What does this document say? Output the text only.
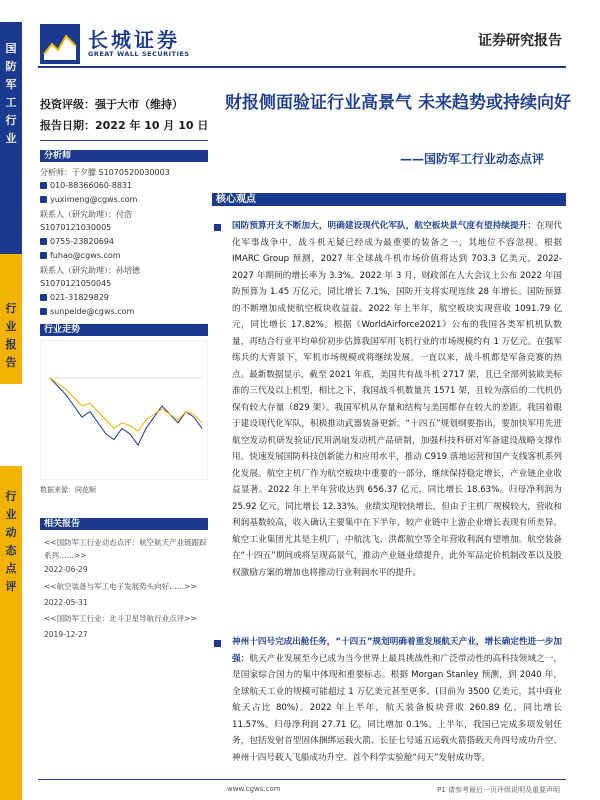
国防军工行业
行业报告
行业动态点评
长城证券
GREAT WALL SECURITIES
证券研究报告
投资评级：强于大市（维持）
报告日期：2022 年 10 月 10 日
分析师
分析师：于夕朦 S1070520030003
010-88366060-8831
yuximeng@cgws.com
联系人（研究助理）：付浩
S1070121030005
0755-23820694
fuhao@cgws.com
联系人（研究助理）：孙培德
S1070121050045
021-31829829
sunpeide@cgws.com
行业走势
数据来源：同花顺
相关报告
<<国防军工行业动态点评：航空航天产业链跟踪系列……>>
2022-06-29
<<航空装备与军工电子发展势头向好……>>
2022-05-31
<<国防军工行业：北斗卫星导航行业点评>>
2019-12-27
财报侧面验证行业高景气 未来趋势或持续向好
——国防军工行业动态点评
核心观点
国防预算开支不断加大，明确建设现代化军队，航空板块景气度有望持续提升：在现代化军事战争中，战斗机无疑已经成为最重要的装备之一，其地位不容忽视。根据 IMARC Group 预测，2027 年全球战斗机市场价值将达到 703.3 亿美元，2022-2027 年期间的增长率为 3.3%。2022 年 3 月，财政部在人大会议上公布 2022 年国防预算为 1.45 万亿元，同比增长 7.1%，国防开支将实现连续 28 年增长。国防预算的不断增加成使航空板块收益益。2022 年上半年，航空板块实现营收 1091.79 亿元，同比增长 17.82%。根据《WorldAirforce2021》公布的我国各类军机机队数量，再结合行业平均单价初步估算我国军用飞机行业的市场规模约有 1 万亿元。在强军练兵的大背景下，军机市场规模或将继续发展。一直以来，战斗机都是军备竞赛的热点。最新数据显示，截至 2021 年底，美国共有战斗机 2717 架，且已全部列装欧美标准的三代及以上机型，相比之下，我国战斗机数量共 1571 架，且较为落后的二代机仍保有较大存量（829 架）。我国军机从存量和结构与美国都存在较大的差距。我国着眼于建设现代化军队，积极推动武器装备更新。“十四五”规划纲要指出，要加快军用先进航空发动机研发验证/民用涡扇发动机产品研制，加强科技科研对军备建设战略支撑作用。快速发展国防科技创新能力和应用水平，推动 C919 落地运营和国产支线客机系列化发展。航空主机厂作为航空板块中重要的一部分，继续保持稳定增长，产业链企业收益显著。2022 年上半年营收达到 656.37 亿元，同比增长 18.63%。归母净利润为 25.92 亿元，同比增长 12.33%。业绩实现较快增长，但由于主机厂规模较大，营收和利润基数较高，收入确认主要集中在下半年，较产业链中上游企业增长表现有所差异。航空工业集团尤其是主机厂，中航沈飞、洪都航空等全年营收利润有望增加。航空装备在“十四五”期间或将呈现高景气，推动产业链业绩提升，此外军品定价机制改革以及股权激励方案的增加也将推动行业利润水平的提升。
神州十四号完成出舱任务，“十四五”规划明确着重发展航天产业，增长确定性进一步加强：航天产业发展至今已成为当今世界上最具挑战性和广泛带动性的高科技领域之一，是国家综合国力的集中体现和重要标志。根据 Morgan Stanley 预测，到 2040 年，全球航天工业的规模可能超过 1 万亿美元甚至更多。(目前为 3500 亿美元，其中商业航天占比 80%)。2022 年上半年，航天装备板块营收 260.89 亿，同比增长 11.57%。归母净利润 27.71 亿，同比增加 0.1%。上半年，我国已完成多项发射任务，包括发射首型固体捆绑运载火箭、长征七号遥五运载火箭搭载天舟四号成功升空、神州十四号载人飞船成功升空、首个科学实验舱“问天”发射成功等。
www.cgws.com	P1 请参考最后一页评级说明及重要声明
